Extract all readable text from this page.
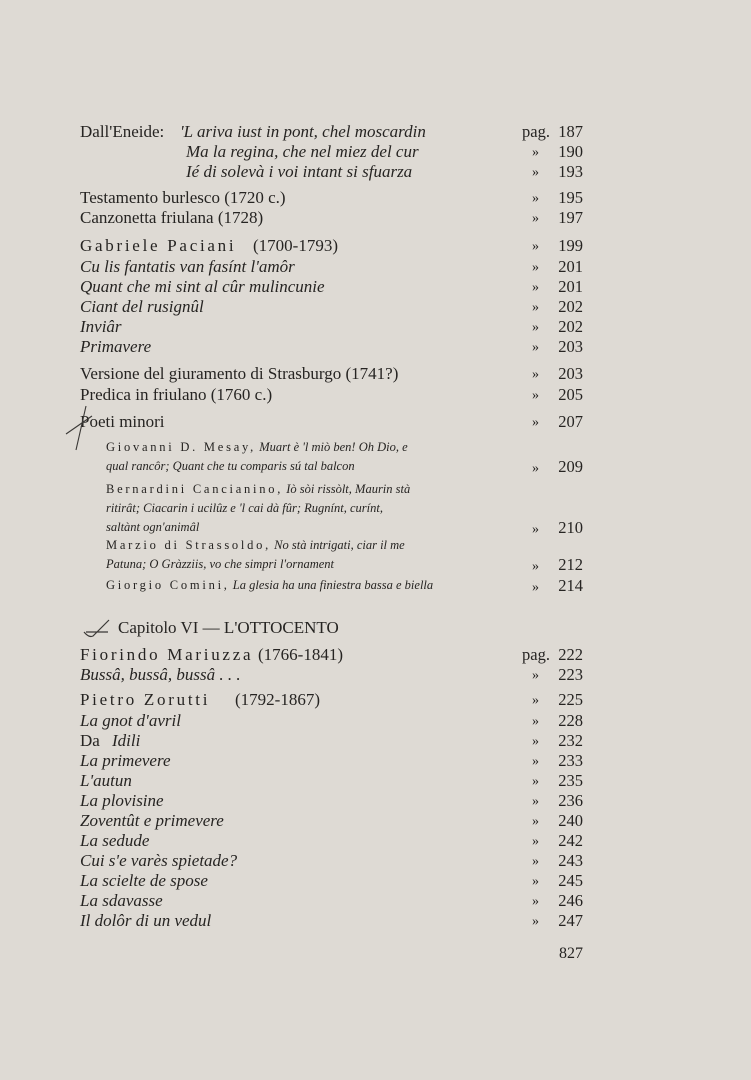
Dall'Eneide: 'L ariva iust in pont, chel moscardin	pag. 187
Ma la regina, che nel miez del cur	» 190
Ié di solevà i voi intant si sfuarza	» 193
Testamento burlesco (1720 c.)	» 195
Canzonetta friulana (1728)	» 197
Gabriele Paciani (1700-1793)	» 199
Cu lis fantatis van fasínt l'amôr	» 201
Quant che mi sint al cûr mulincunie	» 201
Ciant del rusignûl	» 202
Inviâr	» 202
Primavere	» 203
Versione del giuramento di Strasburgo (1741?)	» 203
Predica in friulano (1760 c.)	» 205
Poeti minori	» 207
Giovanni D. Mesay, Muart è 'l miò ben! Oh Dio, e
qual rancôr; Quant che tu comparis sú tal balcon	» 209
Bernardini Cancianino, Iò sòi rissòlt, Maurin stà
ritirât; Ciacarin i ucilûz e 'l cai dà fûr; Rugnínt, curínt,
saltànt ogn'animâl	» 210
Marzio di Strassoldo, No stà intrigati, ciar il me
Patuna; O Gràzziis, vo che simpri l'ornament	» 212
Giorgio Comini, La glesia ha una finiestra bassa e biella	» 214
Capitolo VI — L'OTTOCENTO
Fiorindo Mariuzza (1766-1841)	pag. 222
Bussâ, bussâ, bussâ . . .	» 223
Pietro Zorutti (1792-1867)	» 225
La gnot d'avril	» 228
Da Idili	» 232
La primevere	» 233
L'autun	» 235
La plovisine	» 236
Zoventût e primevere	» 240
La sedude	» 242
Cui s'e varès spietade?	» 243
La scielte de spose	» 245
La sdavasse	» 246
Il dolôr di un vedul	» 247
827
